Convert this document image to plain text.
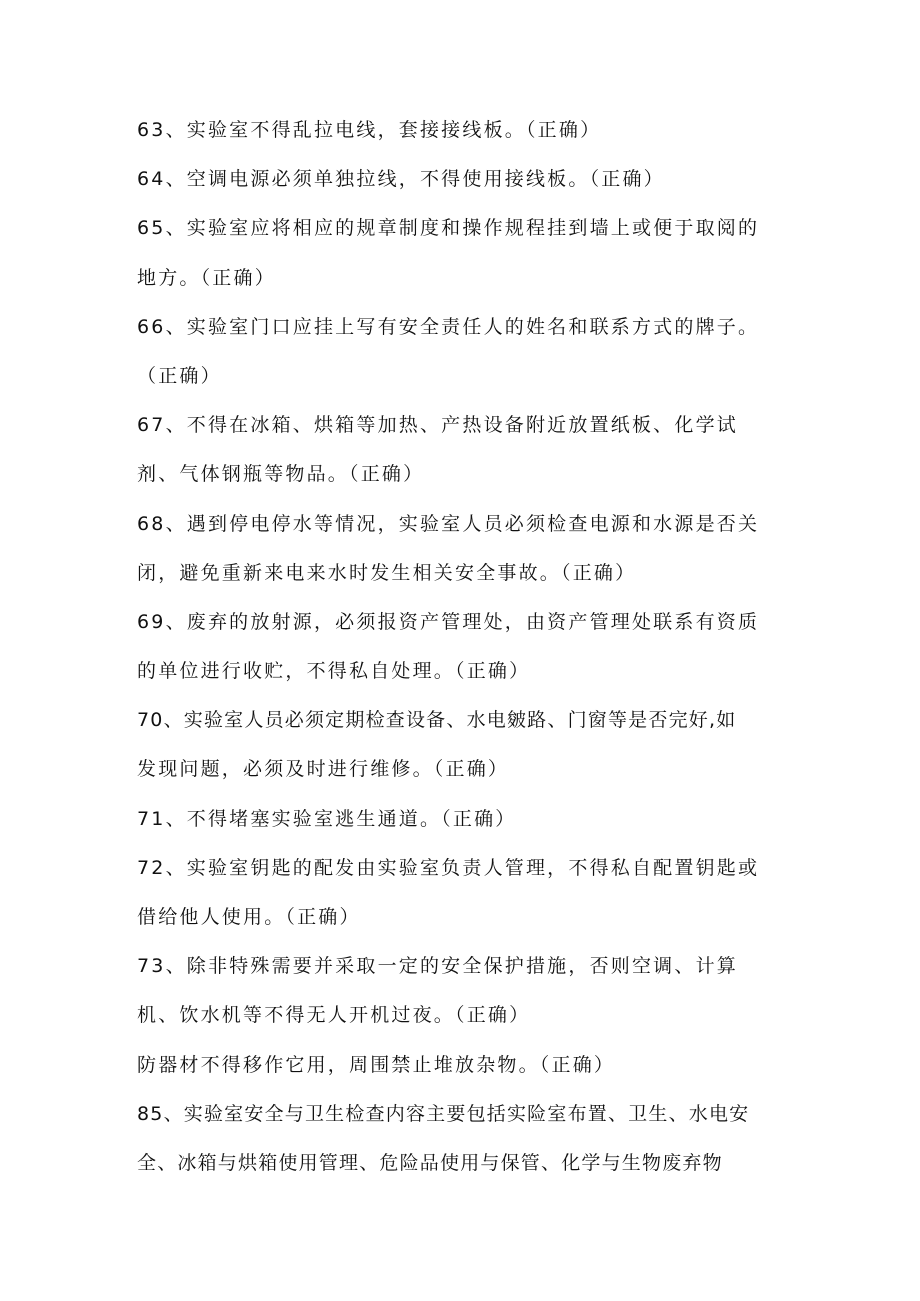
63、实验室不得乱拉电线，套接接线板。（正确）
64、空调电源必须单独拉线，不得使用接线板。（正确）
65、实验室应将相应的规章制度和操作规程挂到墙上或便于取阅的
地方。（正确）
66、实验室门口应挂上写有安全责任人的姓名和联系方式的牌子。
（正确）
67、不得在冰箱、烘箱等加热、产热设备附近放置纸板、化学试
剂、气体钢瓶等物品。（正确）
68、遇到停电停水等情况，实验室人员必须检查电源和水源是否关
闭，避免重新来电来水时发生相关安全事故。（正确）
69、废弃的放射源，必须报资产管理处，由资产管理处联系有资质
的单位进行收贮，不得私自处理。（正确）
70、实验室人员必须定期检查设备、水电皴路、门窗等是否完好,如
发现问题，必须及时进行维修。（正确）
71、不得堵塞实验室逃生通道。（正确）
72、实验室钥匙的配发由实验室负责人管理，不得私自配置钥匙或
借给他人使用。（正确）
73、除非特殊需要并采取一定的安全保护措施，否则空调、计算
机、饮水机等不得无人开机过夜。（正确）
防器材不得移作它用，周围禁止堆放杂物。（正确）
85、实验室安全与卫生检查内容主要包括实险室布置、卫生、水电安
全、冰箱与烘箱使用管理、危险品使用与保管、化学与生物废弃物
